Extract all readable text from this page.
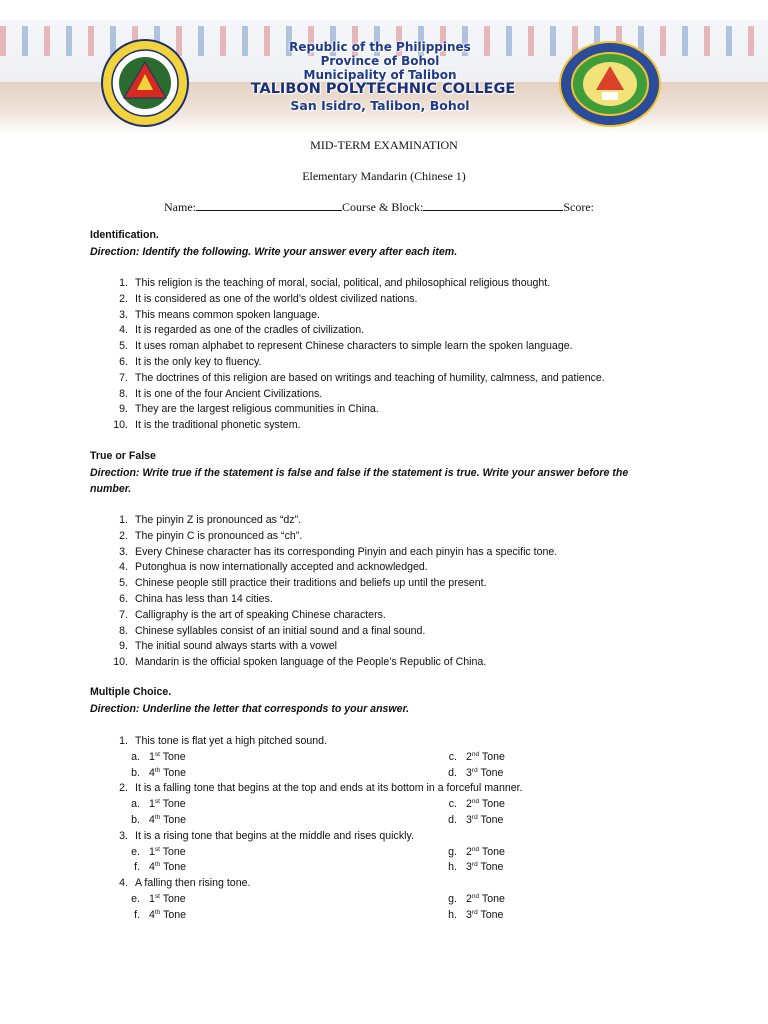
Republic of the Philippines
Province of Bohol
Municipality of Talibon
TALIBON POLYTECHNIC COLLEGE
San Isidro, Talibon, Bohol
MID-TERM EXAMINATION
Elementary Mandarin (Chinese 1)
Name:	Course & Block:	Score:
Identification.
Direction: Identify the following. Write your answer every after each item.
1. This religion is the teaching of moral, social, political, and philosophical religious thought.
2. It is considered as one of the world’s oldest civilized nations.
3. This means common spoken language.
4. It is regarded as one of the cradles of civilization.
5. It uses roman alphabet to represent Chinese characters to simple learn the spoken language.
6. It is the only key to fluency.
7. The doctrines of this religion are based on writings and teaching of humility, calmness, and patience.
8. It is one of the four Ancient Civilizations.
9. They are the largest religious communities in China.
10. It is the traditional phonetic system.
True or False
Direction: Write true if the statement is false and false if the statement is true. Write your answer before the number.
1. The pinyin Z is pronounced as “dz”.
2. The pinyin C is pronounced as “ch”.
3. Every Chinese character has its corresponding Pinyin and each pinyin has a specific tone.
4. Putonghua is now internationally accepted and acknowledged.
5. Chinese people still practice their traditions and beliefs up until the present.
6. China has less than 14 cities.
7. Calligraphy is the art of speaking Chinese characters.
8. Chinese syllables consist of an initial sound and a final sound.
9. The initial sound always starts with a vowel
10. Mandarin is the official spoken language of the People’s Republic of China.
Multiple Choice.
Direction: Underline the letter that corresponds to your answer.
1. This tone is flat yet a high pitched sound.
a. 1st Tone	c. 2nd Tone
b. 4th Tone	d. 3rd Tone
2. It is a falling tone that begins at the top and ends at its bottom in a forceful manner.
a. 1st Tone	c. 2nd Tone
b. 4th Tone	d. 3rd Tone
3. It is a rising tone that begins at the middle and rises quickly.
e. 1st Tone	g. 2nd Tone
f. 4th Tone	h. 3rd Tone
4. A falling then rising tone.
e. 1st Tone	g. 2nd Tone
f. 4th Tone	h. 3rd Tone
